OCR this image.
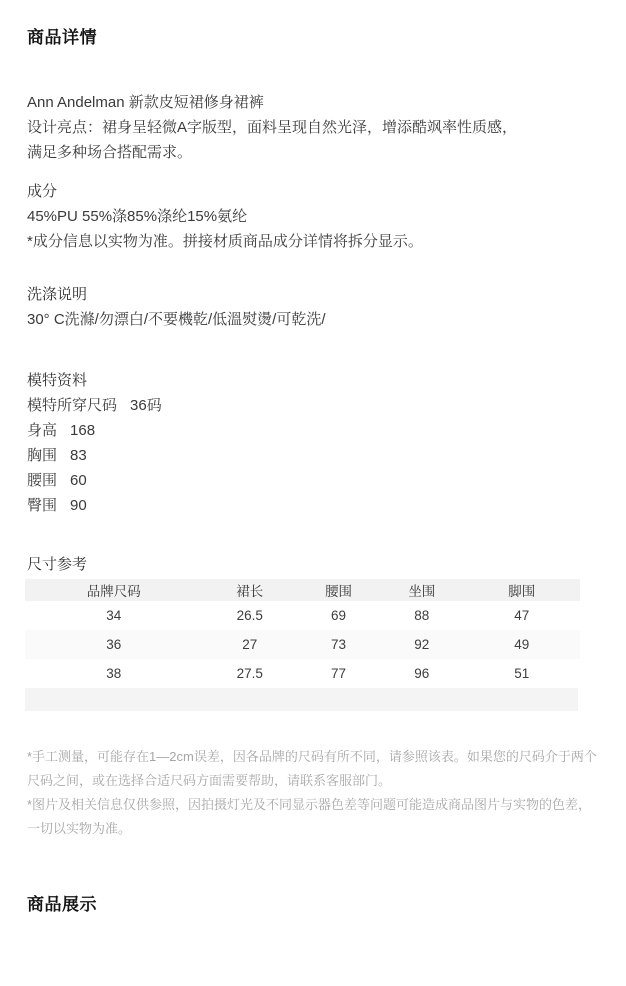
商品详情
Ann Andelman 新款皮短裙修身裙裤
设计亮点：裙身呈轻微A字版型，面料呈现自然光泽，增添酷飒率性质感，
满足多种场合搭配需求。
成分
45%PU 55%涤85%涤纶15%氨纶
*成分信息以实物为准。拼接材质商品成分详情将拆分显示。
洗涤说明
30° C洗滌/勿漂白/不要機乾/低溫熨燙/可乾洗/
模特资料
模特所穿尺码 36码
身高 168
胸围 83
腰围 60
臀围 90
尺寸参考
品牌尺码	裙长	腰围	坐围	脚围
34	26.5	69	88	47
36	27	73	92	49
38	27.5	77	96	51
*手工测量，可能存在1—2cm误差，因各品牌的尺码有所不同，请参照该表。如果您的尺码介于两个尺码之间，或在选择合适尺码方面需要帮助，请联系客服部门。
*图片及相关信息仅供参照，因拍摄灯光及不同显示器色差等问题可能造成商品图片与实物的色差，一切以实物为准。
商品展示
